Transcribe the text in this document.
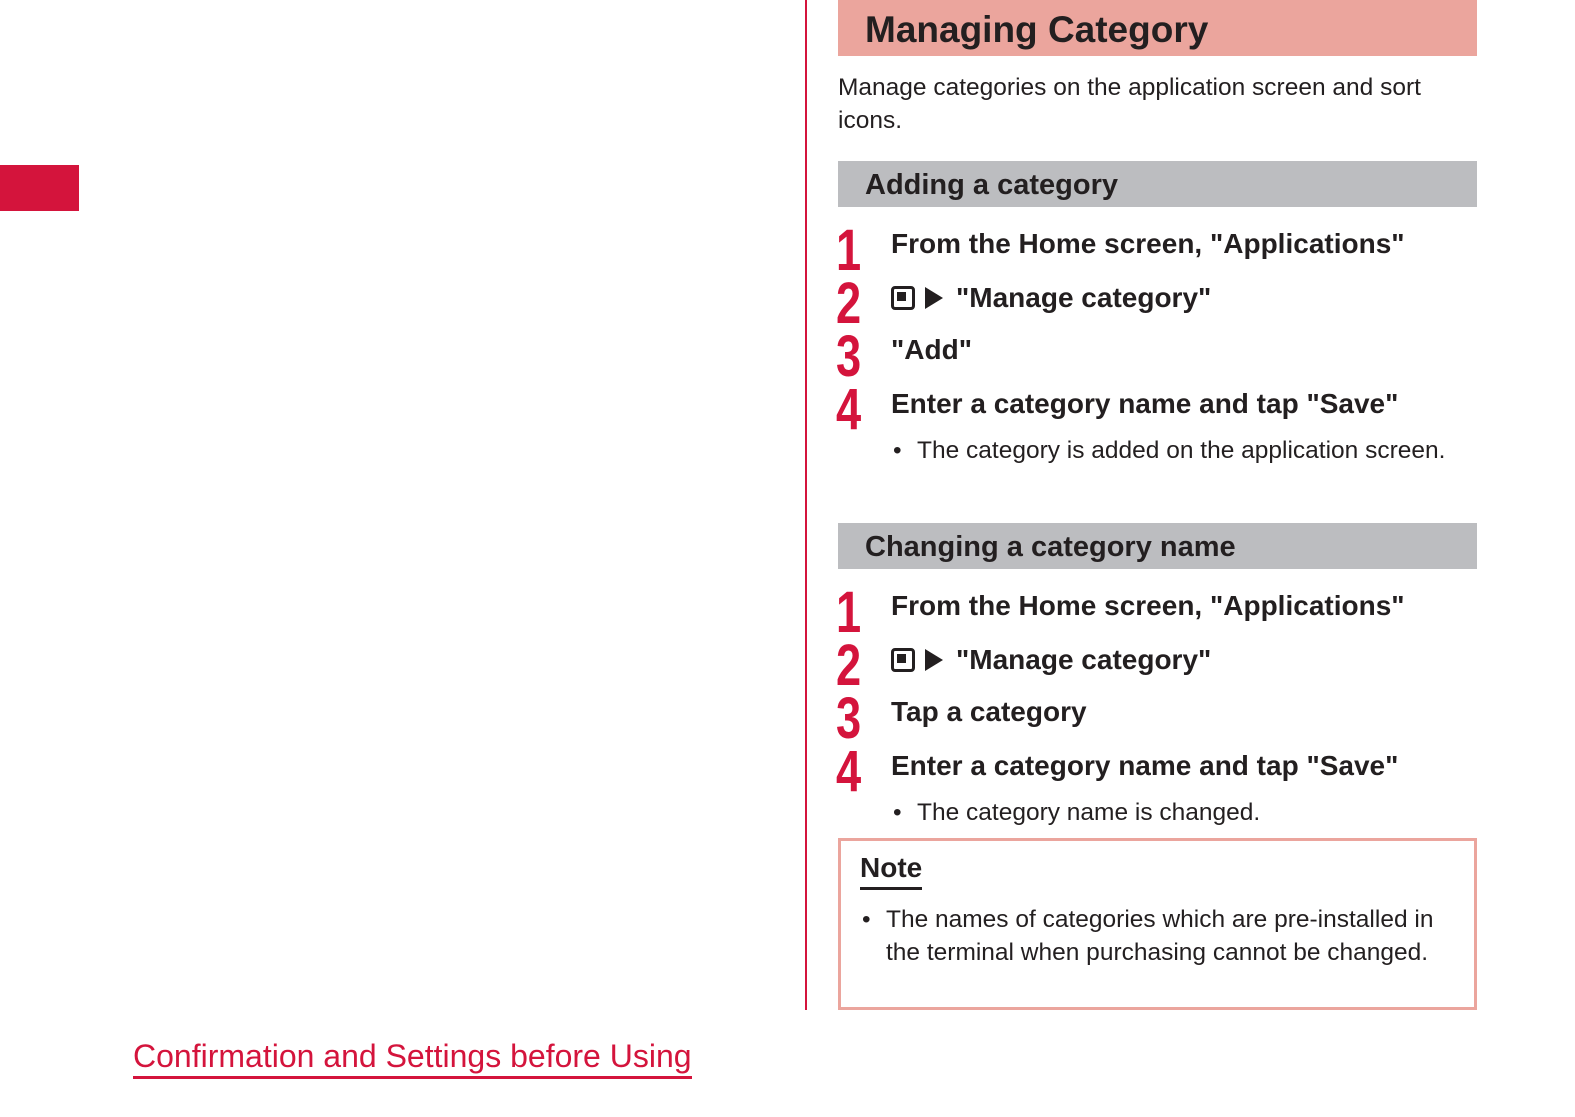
Confirmation and Settings before Using
Managing Category
Manage categories on the application screen and sort icons.
Adding a category
1 From the Home screen, "Applications"
2	"Manage category"
3 "Add"
4 Enter a category name and tap "Save"
• The category is added on the application screen.
Changing a category name
1 From the Home screen, "Applications"
2	"Manage category"
3 Tap a category
4 Enter a category name and tap "Save"
• The category name is changed.
Note
• The names of categories which are pre-installed in the terminal when purchasing cannot be changed.
